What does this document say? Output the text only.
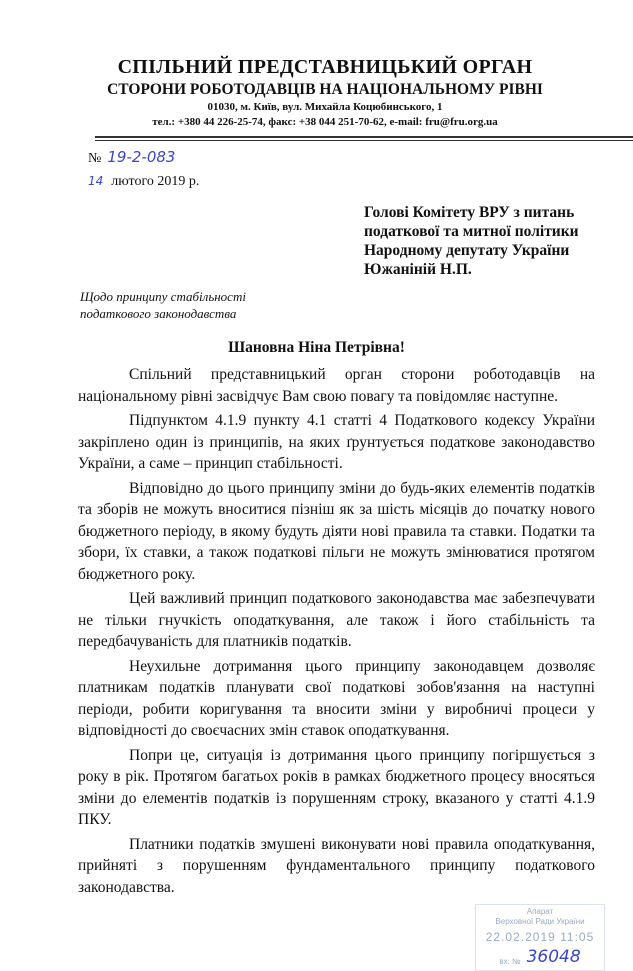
СПІЛЬНИЙ ПРЕДСТАВНИЦЬКИЙ ОРГАН
СТОРОНИ РОБОТОДАВЦІВ НА НАЦІОНАЛЬНОМУ РІВНІ
01030, м. Київ, вул. Михайла Коцюбинського, 1
тел.: +380 44 226-25-74, факс: +38 044 251-70-62, e-mail: fru@fru.org.ua
№ 19-2-083
14 лютого 2019 р.
Голові Комітету ВРУ з питань
податкової та митної політики
Народному депутату України
Южаніній Н.П.
Щодо принципу стабільності
податкового законодавства
Шановна Ніна Петрівна!

Спільний представницький орган сторони роботодавців на національному рівні засвідчує Вам свою повагу та повідомляє наступне.

Підпунктом 4.1.9 пункту 4.1 статті 4 Податкового кодексу України закріплено один із принципів, на яких ґрунтується податкове законодавство України, а саме – принцип стабільності.

Відповідно до цього принципу зміни до будь-яких елементів податків та зборів не можуть вноситися пізніш як за шість місяців до початку нового бюджетного періоду, в якому будуть діяти нові правила та ставки. Податки та збори, їх ставки, а також податкові пільги не можуть змінюватися протягом бюджетного року.

Цей важливий принцип податкового законодавства має забезпечувати не тільки гнучкість оподаткування, але також і його стабільність та передбачуваність для платників податків.

Неухильне дотримання цього принципу законодавцем дозволяє платникам податків планувати свої податкові зобов'язання на наступні періоди, робити коригування та вносити зміни у виробничі процеси у відповідності до своєчасних змін ставок оподаткування.

Попри це, ситуація із дотримання цього принципу погіршується з року в рік. Протягом багатьох років в рамках бюджетного процесу вносяться зміни до елементів податків із порушенням строку, вказаного у статті 4.1.9 ПКУ.

Платники податків змушені виконувати нові правила оподаткування, прийняті з порушенням фундаментального принципу податкового законодавства.

Апарат
Верховної Ради України
22.02.2019 11:05
вх. № 36048
